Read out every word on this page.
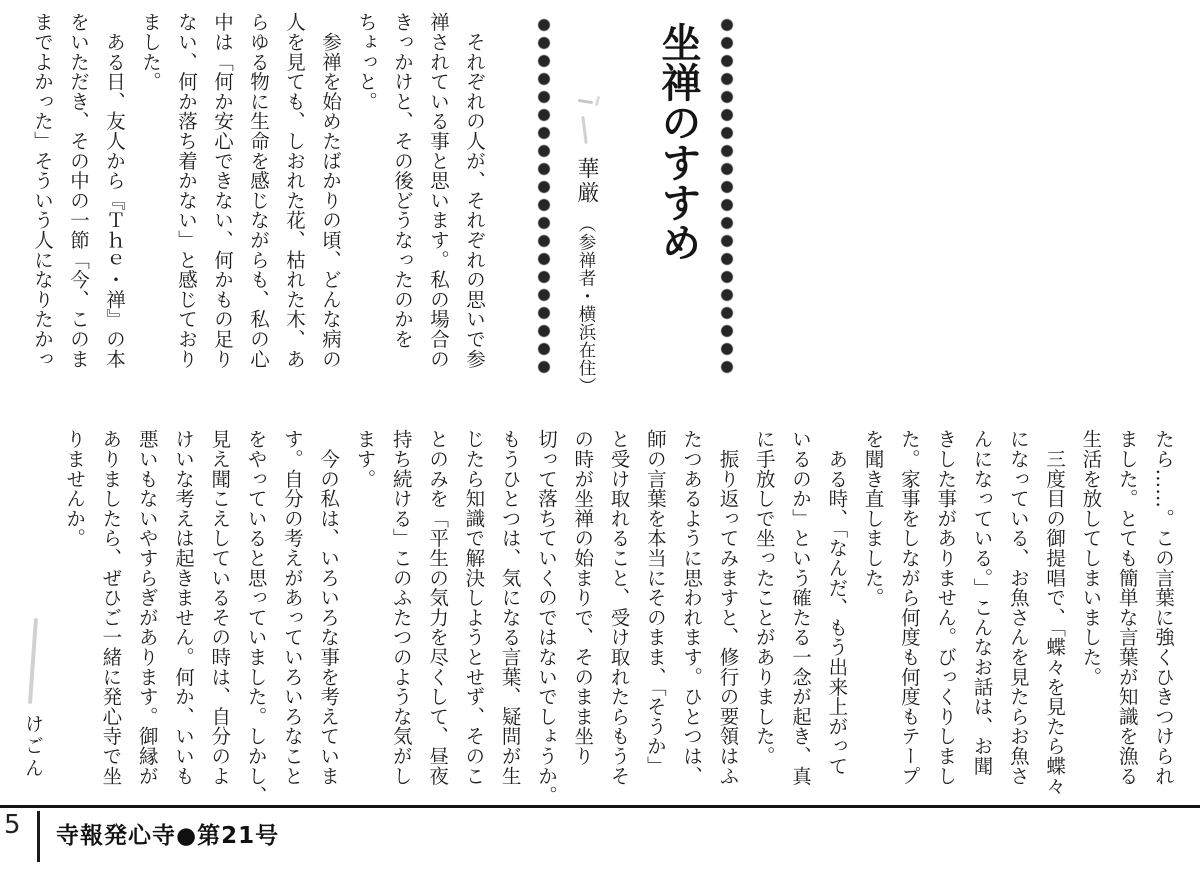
坐禅のすすめ
華厳（参禅者・横浜在住）
　それぞれの人が、それぞれの思いで参
禅されている事と思います。私の場合の
きっかけと、その後どうなったのかを
ちょっと。
　参禅を始めたばかりの頃、どんな病の
人を見ても、しおれた花、枯れた木、あ
らゆる物に生命を感じながらも、私の心
中は「何か安心できない、何かもの足り
ない、何か落ち着かない」と感じており
ました。
　ある日、友人から『Ｔｈｅ・禅』の本
をいただき、その中の一節「今、このま
までよかった」そういう人になりたかっ
たら……。この言葉に強くひきつけられ
ました。とても簡単な言葉が知識を漁る
生活を放してしまいました。
　三度目の御提唱で、「蝶々を見たら蝶々
になっている、お魚さんを見たらお魚さ
んになっている。」こんなお話は、お聞
きした事がありません。びっくりしまし
た。家事をしながら何度も何度もテープ
を聞き直しました。
　ある時、「なんだ、もう出来上がって
いるのか」という確たる一念が起き、真
に手放しで坐ったことがありました。
　振り返ってみますと、修行の要領はふ
たつあるように思われます。ひとつは、
師の言葉を本当にそのまま、「そうか」
と受け取れること、受け取れたらもうそ
の時が坐禅の始まりで、そのまま坐り
切って落ちていくのではないでしょうか。
もうひとつは、気になる言葉、疑問が生
じたら知識で解決しようとせず、そのこ
とのみを「平生の気力を尽くして、昼夜
持ち続ける」このふたつのような気がし
ます。
　今の私は、いろいろな事を考えていま
す。自分の考えがあっていろいろなこと
をやっていると思っていました。しかし、
見え聞こえしているその時は、自分のよ
けいな考えは起きません。何か、いいも
悪いもないやすらぎがあります。御縁が
ありましたら、ぜひご一緒に発心寺で坐
りませんか。
けごん
5 寺報発心寺●第21号
